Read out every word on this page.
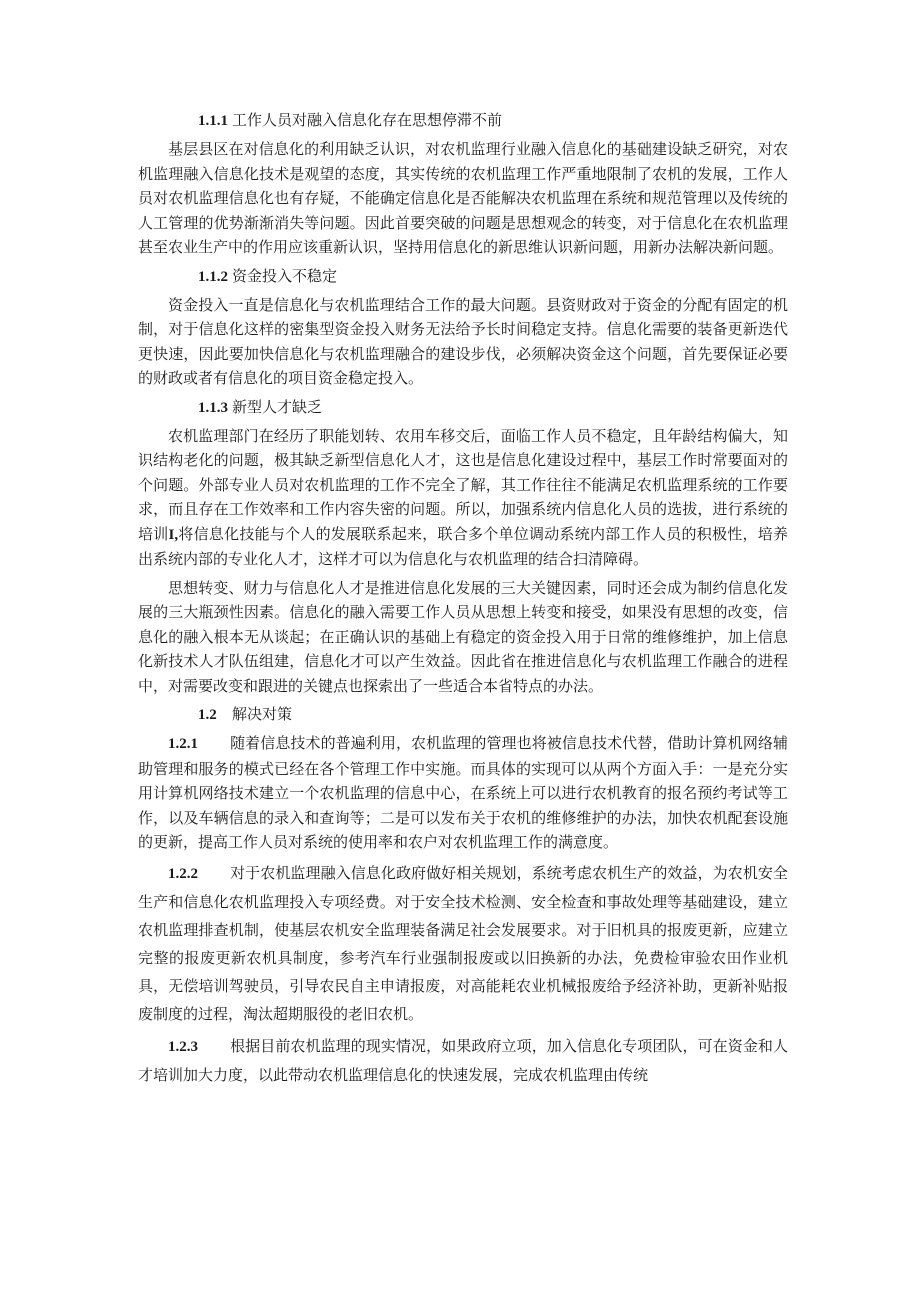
1.1.1 工作人员对融入信息化存在思想停滞不前

基层县区在对信息化的利用缺乏认识，对农机监理行业融入信息化的基础建设缺乏研究，对农机监理融入信息化技术是观望的态度，其实传统的农机监理工作严重地限制了农机的发展，工作人员对农机监理信息化也有存疑，不能确定信息化是否能解决农机监理在系统和规范管理以及传统的人工管理的优势渐渐消失等问题。因此首要突破的问题是思想观念的转变，对于信息化在农机监理甚至农业生产中的作用应该重新认识，坚持用信息化的新思维认识新问题，用新办法解决新问题。

1.1.2 资金投入不稳定

资金投入一直是信息化与农机监理结合工作的最大问题。县资财政对于资金的分配有固定的机制，对于信息化这样的密集型资金投入财务无法给予长时间稳定支持。信息化需要的装备更新迭代更快速，因此要加快信息化与农机监理融合的建设步伐，必须解决资金这个问题，首先要保证必要的财政或者有信息化的项目资金稳定投入。

1.1.3 新型人才缺乏

农机监理部门在经历了职能划转、农用车移交后，面临工作人员不稳定，且年龄结构偏大，知识结构老化的问题，极其缺乏新型信息化人才，这也是信息化建设过程中，基层工作时常要面对的个问题。外部专业人员对农机监理的工作不完全了解，其工作往往不能满足农机监理系统的工作要求，而且存在工作效率和工作内容失密的问题。所以，加强系统内信息化人员的选拔，进行系统的培训I,将信息化技能与个人的发展联系起来，联合多个单位调动系统内部工作人员的积极性，培养出系统内部的专业化人才，这样才可以为信息化与农机监理的结合扫清障碍。

思想转变、财力与信息化人才是推进信息化发展的三大关键因素，同时还会成为制约信息化发展的三大瓶颈性因素。信息化的融入需要工作人员从思想上转变和接受，如果没有思想的改变，信息化的融入根本无从谈起；在正确认识的基础上有稳定的资金投入用于日常的维修维护，加上信息化新技术人才队伍组建，信息化才可以产生效益。因此省在推进信息化与农机监理工作融合的进程中，对需要改变和跟进的关键点也探索出了一些适合本省特点的办法。

1.2 解决对策

1.2.1 随着信息技术的普遍利用，农机监理的管理也将被信息技术代替，借助计算机网络辅助管理和服务的模式已经在各个管理工作中实施。而具体的实现可以从两个方面入手：一是充分实用计算机网络技术建立一个农机监理的信息中心，在系统上可以进行农机教育的报名预约考试等工作，以及车辆信息的录入和查询等；二是可以发布关于农机的维修维护的办法，加快农机配套设施的更新，提高工作人员对系统的使用率和农户对农机监理工作的满意度。

1.2.2 对于农机监理融入信息化政府做好相关规划，系统考虑农机生产的效益，为农机安全生产和信息化农机监理投入专项经费。对于安全技术检测、安全检查和事故处理等基础建设，建立农机监理排查机制，使基层农机安全监理装备满足社会发展要求。对于旧机具的报废更新，应建立完整的报废更新农机具制度，参考汽车行业强制报废或以旧换新的办法，免费检审验农田作业机具，无偿培训驾驶员，引导农民自主申请报废，对高能耗农业机械报废给予经济补助，更新补贴报废制度的过程，淘汰超期服役的老旧农机。

1.2.3 根据目前农机监理的现实情况，如果政府立项，加入信息化专项团队，可在资金和人才培训加大力度，以此带动农机监理信息化的快速发展，完成农机监理由传统
